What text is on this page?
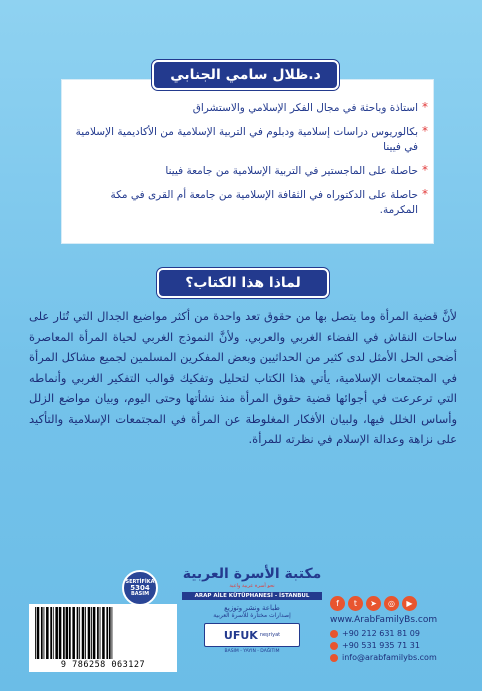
د.ظلال سامي الجنابي
*
استاذة وباحثة في مجال الفكر الإسلامي والاستشراق
*
بكالوريوس دراسات إسلامية ودبلوم في التربية الإسلامية من الأكاديمية الإسلامية في فيينا
*
حاصلة على الماجستير في التربية الإسلامية من جامعة فيينا
*
حاصلة على الدكتوراه في الثقافة الإسلامية من جامعة أم القرى في مكة المكرمة.
لماذا هذا الكتاب؟

لأنَّ قضية المرأة وما يتصل بها من حقوق تعد واحدة من أكثر مواضيع الجدال التي تُثار على ساحات النقاش في الفضاء الغربي والعربي. ولأنَّ النموذج الغربي لحياة المرأة المعاصرة أضحى الحل الأمثل لدى كثير من الحداثيين وبعض المفكرين المسلمين لجميع مشاكل المرأة في المجتمعات الإسلامية، يأتي هذا الكتاب لتحليل وتفكيك قوالب التفكير الغربي وأنماطه التي ترعرعت في أجوائها قضية حقوق المرأة منذ نشأتها وحتى اليوم، وبيان مواضع الزلل وأساس الخلل فيها، ولبيان الأفكار المغلوطة عن المرأة في المجتمعات الإسلامية والتأكيد على نزاهة وعدالة الإسلام في نظرته للمرأة.

SERTİFİKA
5304
BASIM
9 786258 063127
مكتبة الأسرة العربية
نحو أسرة عربية واعية
ARAP AİLE KÜTÜPHANESİ - İSTANBUL
طباعة ونشر وتوزيع
إصدارات مختارة للأسرة العربية
UFUK neşriyat
BASIM - YAYIN - DAĞITIM
f	t	➤	◎	▶
www.ArabFamilyBs.com
+90 212 631 81 09
+90 531 935 71 31
info@arabfamilybs.com
